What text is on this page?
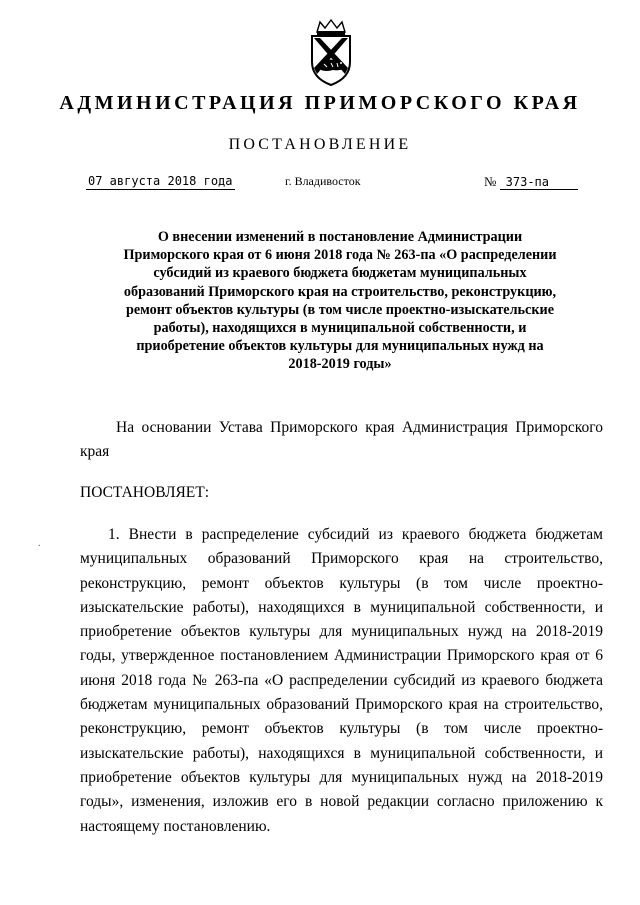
АДМИНИСТРАЦИЯ ПРИМОРСКОГО КРАЯ
ПОСТАНОВЛЕНИЕ
07 августа 2018 года	г. Владивосток	№ 373-па

О внесении изменений в постановление Администрации Приморского края от 6 июня 2018 года № 263-па «О распределении субсидий из краевого бюджета бюджетам муниципальных образований Приморского края на строительство, реконструкцию, ремонт объектов культуры (в том числе проектно-изыскательские работы), находящихся в муниципальной собственности, и приобретение объектов культуры для муниципальных нужд на 2018-2019 годы»

На основании Устава Приморского края Администрация Приморского края

ПОСТАНОВЛЯЕТ:

1. Внести в распределение субсидий из краевого бюджета бюджетам муниципальных образований Приморского края на строительство, реконструкцию, ремонт объектов культуры (в том числе проектно-изыскательские работы), находящихся в муниципальной собственности, и приобретение объектов культуры для муниципальных нужд на 2018-2019 годы, утвержденное постановлением Администрации Приморского края от 6 июня 2018 года № 263-па «О распределении субсидий из краевого бюджета бюджетам муниципальных образований Приморского края на строительство, реконструкцию, ремонт объектов культуры (в том числе проектно-изыскательские работы), находящихся в муниципальной собственности, и приобретение объектов культуры для муниципальных нужд на 2018-2019 годы», изменения, изложив его в новой редакции согласно приложению к настоящему постановлению.

.
